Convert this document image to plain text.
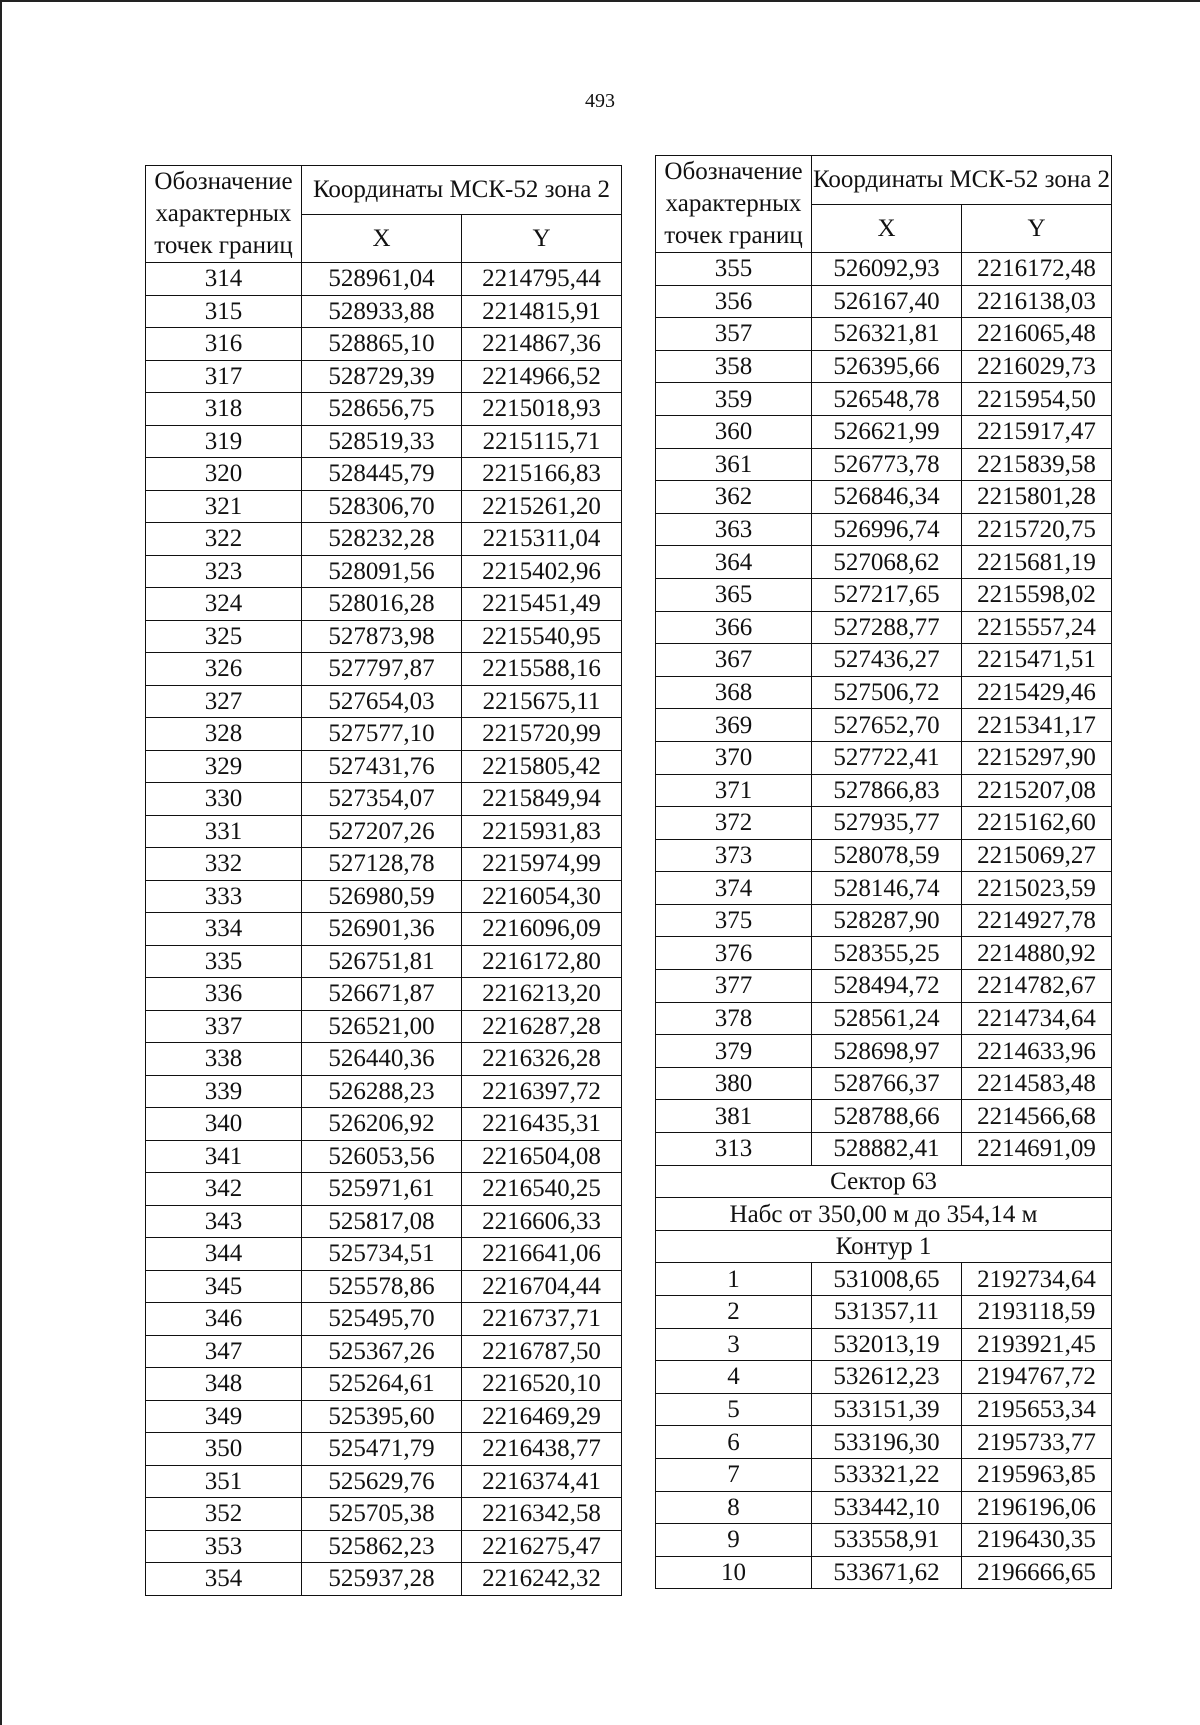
493
Обозначение характерных точек границ	Координаты МСК-52 зона 2	
	X	Y
314	528961,04	2214795,44
315	528933,88	2214815,91
316	528865,10	2214867,36
317	528729,39	2214966,52
318	528656,75	2215018,93
319	528519,33	2215115,71
320	528445,79	2215166,83
321	528306,70	2215261,20
322	528232,28	2215311,04
323	528091,56	2215402,96
324	528016,28	2215451,49
325	527873,98	2215540,95
326	527797,87	2215588,16
327	527654,03	2215675,11
328	527577,10	2215720,99
329	527431,76	2215805,42
330	527354,07	2215849,94
331	527207,26	2215931,83
332	527128,78	2215974,99
333	526980,59	2216054,30
334	526901,36	2216096,09
335	526751,81	2216172,80
336	526671,87	2216213,20
337	526521,00	2216287,28
338	526440,36	2216326,28
339	526288,23	2216397,72
340	526206,92	2216435,31
341	526053,56	2216504,08
342	525971,61	2216540,25
343	525817,08	2216606,33
344	525734,51	2216641,06
345	525578,86	2216704,44
346	525495,70	2216737,71
347	525367,26	2216787,50
348	525264,61	2216520,10
349	525395,60	2216469,29
350	525471,79	2216438,77
351	525629,76	2216374,41
352	525705,38	2216342,58
353	525862,23	2216275,47
354	525937,28	2216242,32
Обозначение характерных точек границ	Координаты МСК-52 зона 2	
	X	Y
355	526092,93	2216172,48
356	526167,40	2216138,03
357	526321,81	2216065,48
358	526395,66	2216029,73
359	526548,78	2215954,50
360	526621,99	2215917,47
361	526773,78	2215839,58
362	526846,34	2215801,28
363	526996,74	2215720,75
364	527068,62	2215681,19
365	527217,65	2215598,02
366	527288,77	2215557,24
367	527436,27	2215471,51
368	527506,72	2215429,46
369	527652,70	2215341,17
370	527722,41	2215297,90
371	527866,83	2215207,08
372	527935,77	2215162,60
373	528078,59	2215069,27
374	528146,74	2215023,59
375	528287,90	2214927,78
376	528355,25	2214880,92
377	528494,72	2214782,67
378	528561,24	2214734,64
379	528698,97	2214633,96
380	528766,37	2214583,48
381	528788,66	2214566,68
313	528882,41	2214691,09
Сектор 63		
Набс от 350,00 м до 354,14 м		
Контур 1		
1	531008,65	2192734,64
2	531357,11	2193118,59
3	532013,19	2193921,45
4	532612,23	2194767,72
5	533151,39	2195653,34
6	533196,30	2195733,77
7	533321,22	2195963,85
8	533442,10	2196196,06
9	533558,91	2196430,35
10	533671,62	2196666,65
